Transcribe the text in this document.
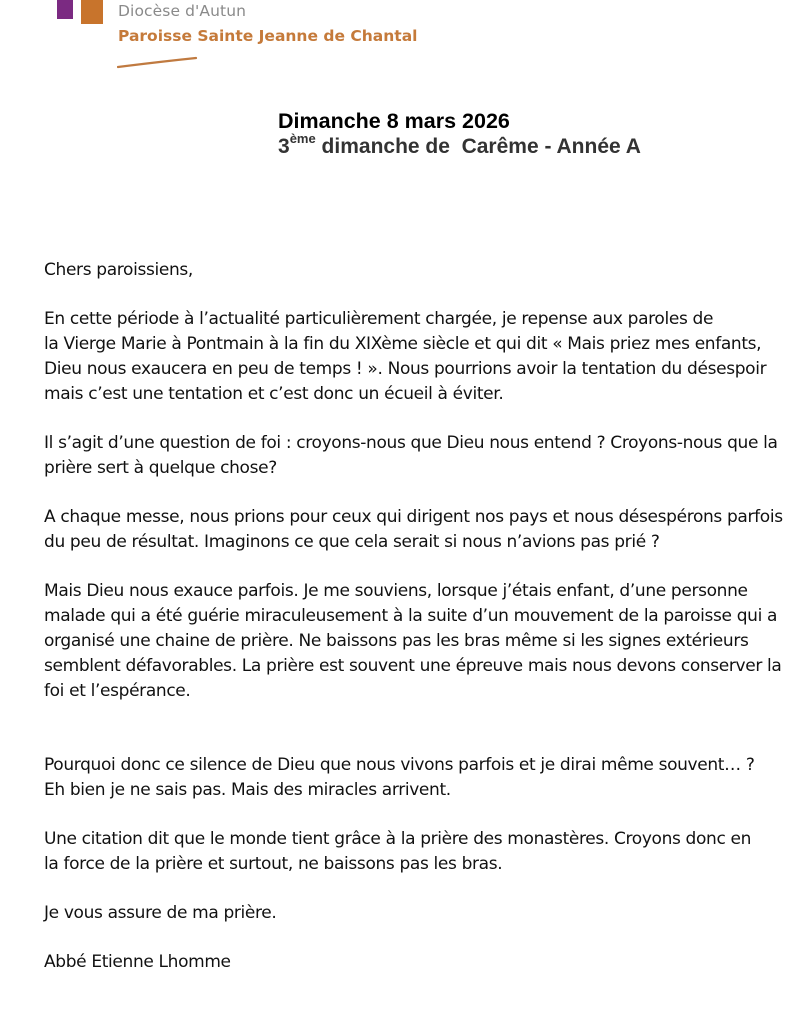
Diocèse d'Autun
Paroisse Sainte Jeanne de Chantal
Dimanche 8 mars 2026
3ème dimanche de  Carême - Année A

Chers paroissiens,

En cette période à l’actualité particulièrement chargée, je repense aux paroles de
la Vierge Marie à Pontmain à la fin du XIXème siècle et qui dit « Mais priez mes enfants,
Dieu nous exaucera en peu de temps ! ». Nous pourrions avoir la tentation du désespoir
mais c’est une tentation et c’est donc un écueil à éviter.

Il s’agit d’une question de foi : croyons-nous que Dieu nous entend ? Croyons-nous que la
prière sert à quelque chose?

A chaque messe, nous prions pour ceux qui dirigent nos pays et nous désespérons parfois
du peu de résultat. Imaginons ce que cela serait si nous n’avions pas prié ?

Mais Dieu nous exauce parfois. Je me souviens, lorsque j’étais enfant, d’une personne
malade qui a été guérie miraculeusement à la suite d’un mouvement de la paroisse qui a
organisé une chaine de prière. Ne baissons pas les bras même si les signes extérieurs
semblent défavorables. La prière est souvent une épreuve mais nous devons conserver la
foi et l’espérance.

Pourquoi donc ce silence de Dieu que nous vivons parfois et je dirai même souvent… ?
Eh bien je ne sais pas. Mais des miracles arrivent.

Une citation dit que le monde tient grâce à la prière des monastères. Croyons donc en
la force de la prière et surtout, ne baissons pas les bras.

Je vous assure de ma prière.

Abbé Etienne Lhomme
